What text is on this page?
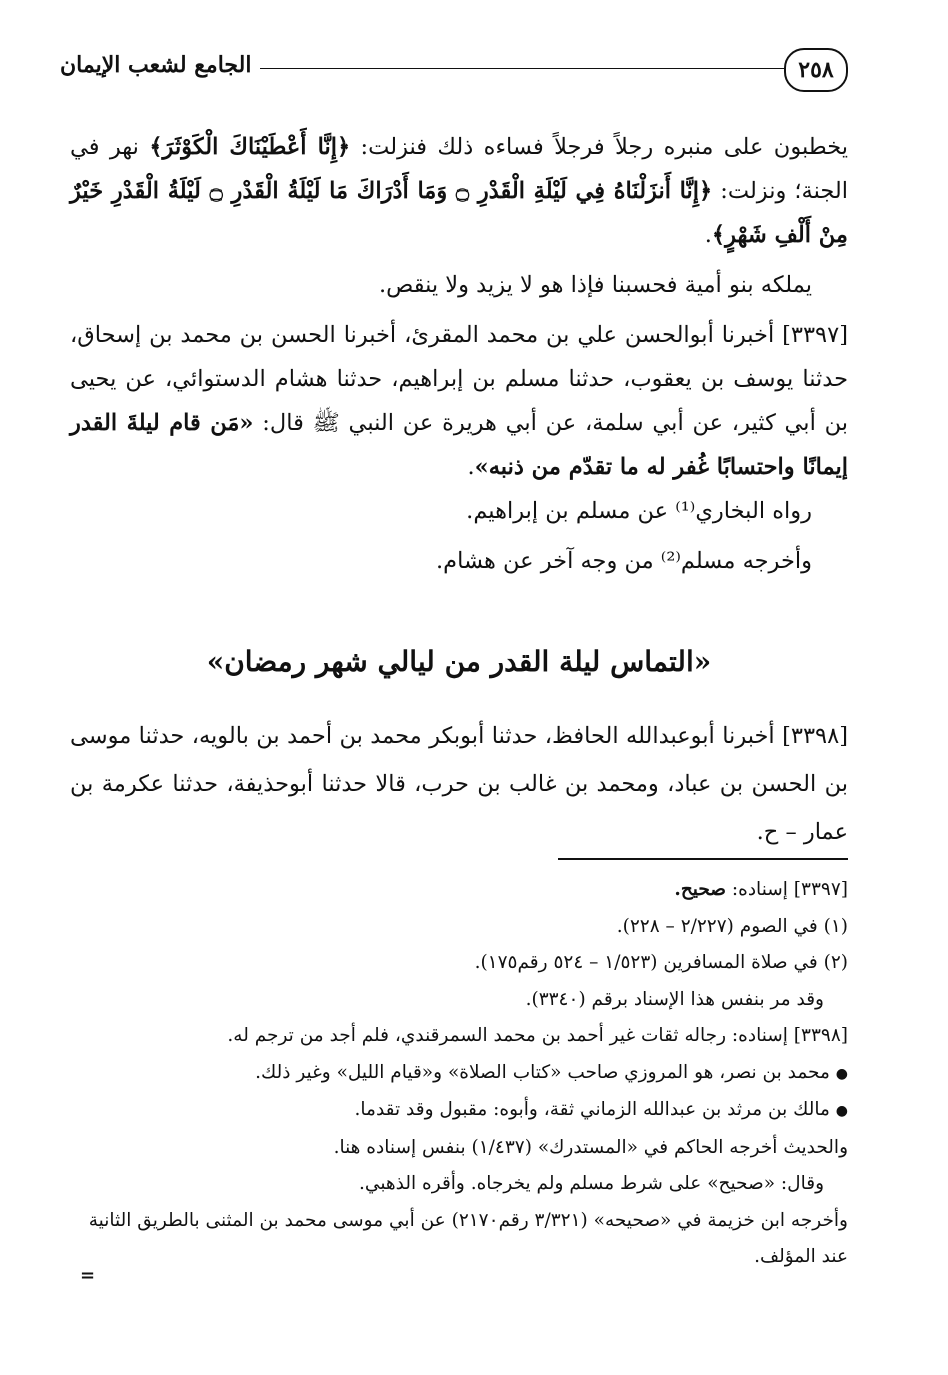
٢٥٨
الجامع لشعب الإيمان

يخطبون على منبره رجلاً فرجلاً فساءه ذلك فنزلت: ﴿إِنَّا أَعْطَيْنَاكَ الْكَوْثَرَ﴾ نهر في الجنة؛ ونزلت: ﴿إِنَّا أَنزَلْنَاهُ فِي لَيْلَةِ الْقَدْرِ ۝ وَمَا أَدْرَاكَ مَا لَيْلَةُ الْقَدْرِ ۝ لَيْلَةُ الْقَدْرِ خَيْرٌ مِنْ أَلْفِ شَهْرٍ﴾.

يملكه بنو أمية فحسبنا فإذا هو لا يزيد ولا ينقص.

[٣٣٩٧] أخبرنا أبوالحسن علي بن محمد المقرئ، أخبرنا الحسن بن محمد بن إسحاق، حدثنا يوسف بن يعقوب، حدثنا مسلم بن إبراهيم، حدثنا هشام الدستوائي، عن يحيى بن أبي كثير، عن أبي سلمة، عن أبي هريرة عن النبي ﷺ قال: «مَن قام ليلةَ القدر إيمانًا واحتسابًا غُفر له ما تقدّم من ذنبه».

رواه البخاري⁽¹⁾ عن مسلم بن إبراهيم.

وأخرجه مسلم⁽²⁾ من وجه آخر عن هشام.

«التماس ليلة القدر من ليالي شهر رمضان»

[٣٣٩٨] أخبرنا أبوعبدالله الحافظ، حدثنا أبوبكر محمد بن أحمد بن بالويه، حدثنا موسى بن الحسن بن عباد، ومحمد بن غالب بن حرب، قالا حدثنا أبوحذيفة، حدثنا عكرمة بن عمار – ح.

[٣٣٩٧] إسناده: صحيح.

(١) في الصوم (٢/٢٢٧ – ٢٢٨).

(٢) في صلاة المسافرين (١/٥٢٣ – ٥٢٤ رقم١٧٥).

وقد مر بنفس هذا الإسناد برقم (٣٣٤٠).

[٣٣٩٨] إسناده: رجاله ثقات غير أحمد بن محمد السمرقندي، فلم أجد من ترجم له.

● محمد بن نصر، هو المروزي صاحب «كتاب الصلاة» و«قيام الليل» وغير ذلك.

● مالك بن مرثد بن عبدالله الزماني ثقة، وأبوه: مقبول وقد تقدما.

والحديث أخرجه الحاكم في «المستدرك» (١/٤٣٧) بنفس إسناده هنا.

وقال: «صحيح» على شرط مسلم ولم يخرجاه. وأقره الذهبي.

وأخرجه ابن خزيمة في «صحيحه» (٣/٣٢١ رقم٢١٧٠) عن أبي موسى محمد بن المثنى بالطريق الثانية عند المؤلف.

=
